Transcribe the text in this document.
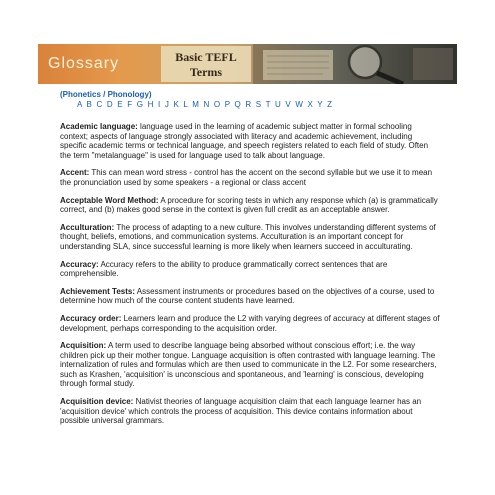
Glossary	Basic TEFL
Terms
(Phonetics / Phonology)
A B C D E F G H I J K L M N O P Q R S T U V W X Y Z

Academic language: language used in the learning of academic subject matter in formal schooling context; aspects of language strongly associated with literacy and academic achievement, including specific academic terms or technical language, and speech registers related to each field of study. Often the term "metalanguage" is used for language used to talk about language.

Accent: This can mean word stress - control has the accent on the second syllable but we use it to mean the pronunciation used by some speakers - a regional or class accent

Acceptable Word Method: A procedure for scoring tests in which any response which (a) is grammatically correct, and (b) makes good sense in the context is given full credit as an acceptable answer.

Acculturation: The process of adapting to a new culture. This involves understanding different systems of thought, beliefs, emotions, and communication systems. Acculturation is an important concept for understanding SLA, since successful learning is more likely when learners succeed in acculturating.

Accuracy: Accuracy refers to the ability to produce grammatically correct sentences that are comprehensible.

Achievement Tests: Assessment instruments or procedures based on the objectives of a course, used to determine how much of the course content students have learned.

Accuracy order: Learners learn and produce the L2 with varying degrees of accuracy at different stages of development, perhaps corresponding to the acquisition order.

Acquisition: A term used to describe language being absorbed without conscious effort; i.e. the way children pick up their mother tongue. Language acquisition is often contrasted with language learning. The internalization of rules and formulas which are then used to communicate in the L2. For some researchers, such as Krashen, 'acquisition' is unconscious and spontaneous, and 'learning' is conscious, developing through formal study.

Acquisition device: Nativist theories of language acquisition claim that each language learner has an 'acquisition device' which controls the process of acquisition. This device contains information about possible universal grammars.
